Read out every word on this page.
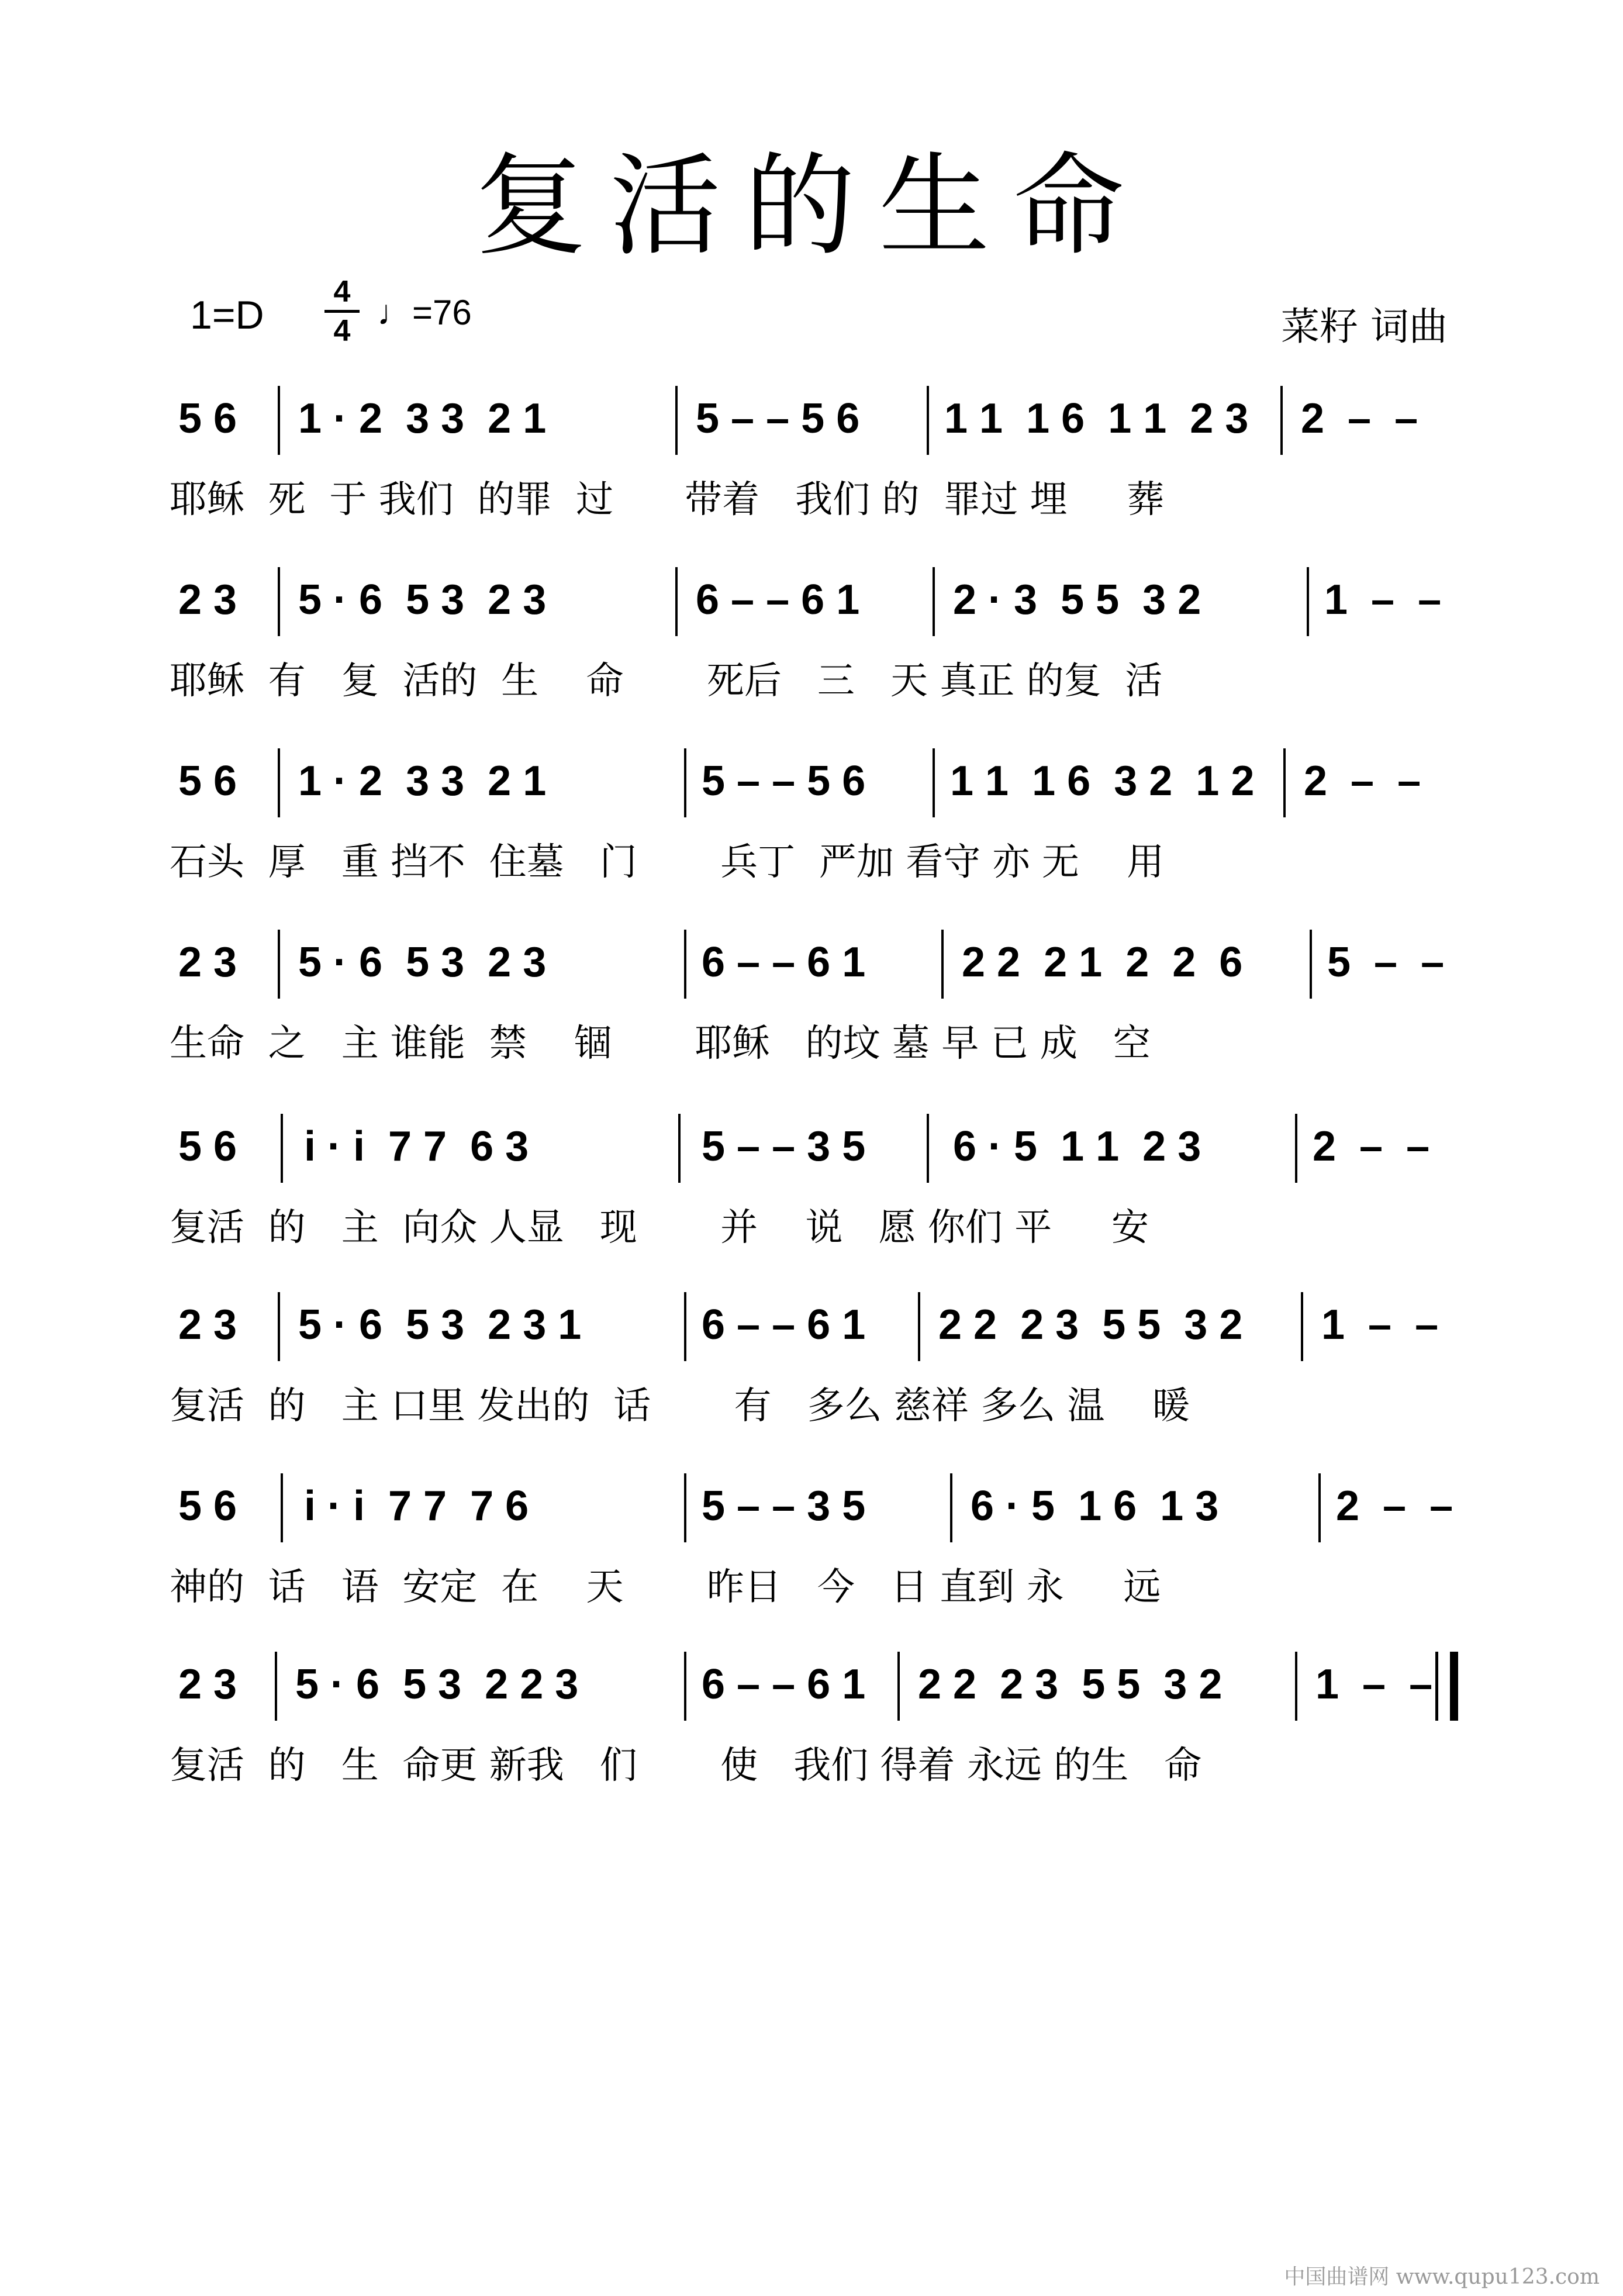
复活的生命
1=D
4
4 ♩=76	菜籽 词曲
5 6 1 · 2  3 3  2 1	5 – – 5 6 1 1  1 6  1 1  2 3 2  –  –
耶稣  死  于 我们  的罪  过      带着   我们 的  罪过 埋     葬
2 3 5 · 6  5 3  2 3	6 – – 6 1 2 · 3  5 5  3 2	1  –  –
耶稣  有   复  活的  生    命       死后   三   天 真正 的复  活
5 6 1 · 2  3 3  2 1	5 – – 5 6 1 1  1 6  3 2  1 2 2  –  –
石头  厚   重 挡不  住墓   门       兵丁  严加 看守 亦 无    用
2 3 5 · 6  5 3  2 3	6 – – 6 1 2 2  2 1  2  2  6 5  –  –
生命  之   主 谁能  禁    锢       耶稣   的坟 墓 早 已 成   空
5 6 i · i  7 7  6 3	5 – – 3 5 6 · 5  1 1  2 3	2  –  –
复活  的   主  向众 人显   现       并    说   愿 你们 平     安
2 3 5 · 6  5 3  2 3 1	6 – – 6 1 2 2  2 3  5 5  3 2 1  –  –
复活  的   主 口里 发出的  话       有   多么 慈祥 多么 温    暖
5 6 i · i  7 7  7 6	5 – – 3 5 6 · 5  1 6  1 3	2  –  –
神的  话   语  安定  在    天       昨日   今   日 直到 永     远
2 3 5 · 6  5 3  2 2 3	6 – – 6 1 2 2  2 3  5 5  3 2 1  –  –
复活  的   生  命更 新我   们       使   我们 得着 永远 的生   命
中国曲谱网 www.qupu123.com
